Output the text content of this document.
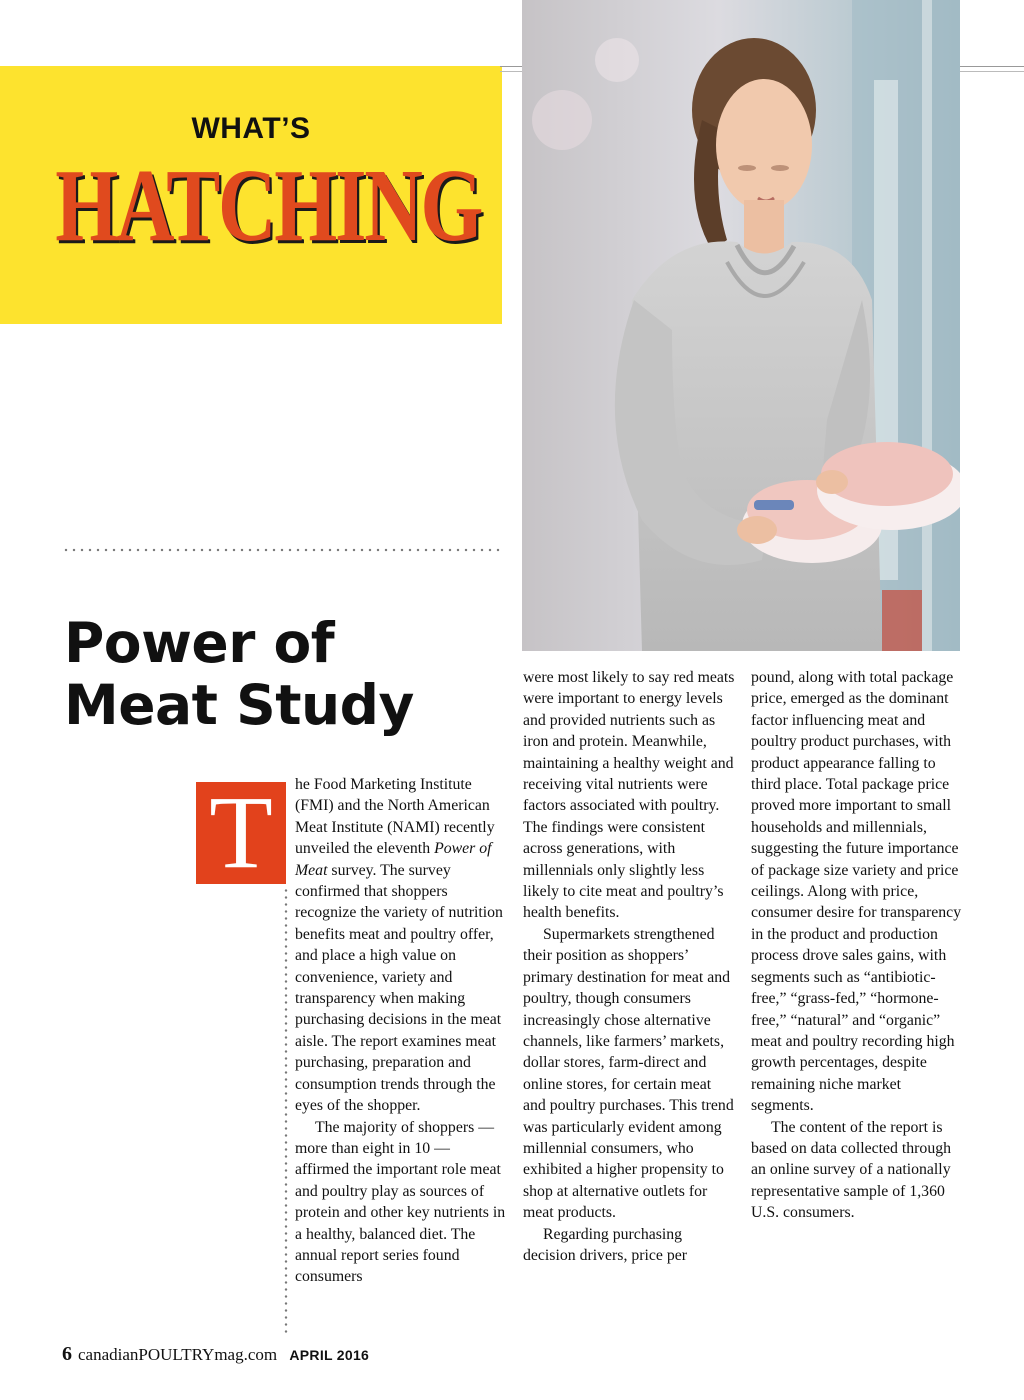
WHAT’S
HATCHING
Power of Meat Study
T	he Food Marketing Institute (FMI) and the North American Meat Institute (NAMI) recently unveiled the eleventh Power of Meat survey. The survey confirmed that shoppers recognize the variety of nutrition benefits meat and poultry offer, and place a high value on convenience, variety and transparency when making purchasing decisions in the meat aisle. The report examines meat purchasing, preparation and consumption trends through the eyes of the shopper.

The majority of shoppers — more than eight in 10 — affirmed the important role meat and poultry play as sources of protein and other key nutrients in a healthy, balanced diet. The annual report series found consumers

were most likely to say red meats were important to energy levels and provided nutrients such as iron and protein. Meanwhile, maintaining a healthy weight and receiving vital nutrients were factors associated with poultry. The findings were consistent across generations, with millennials only slightly less likely to cite meat and poultry’s health benefits.

Supermarkets strengthened their position as shoppers’ primary destination for meat and poultry, though consumers increasingly chose alternative channels, like farmers’ markets, dollar stores, farm-direct and online stores, for certain meat and poultry purchases. This trend was particularly evident among millennial consumers, who exhibited a higher propensity to shop at alternative outlets for meat products.

Regarding purchasing decision drivers, price per

pound, along with total package price, emerged as the dominant factor influencing meat and poultry product purchases, with product appearance falling to third place. Total package price proved more important to small households and millennials, suggesting the future importance of package size variety and price ceilings. Along with price, consumer desire for transparency in the product and production process drove sales gains, with segments such as “antibiotic-free,” “grass-fed,” “hormone-free,” “natural” and “organic” meat and poultry recording high growth percentages, despite remaining niche market segments.

The content of the report is based on data collected through an online survey of a nationally representative sample of 1,360 U.S. consumers.

6 canadianPOULTRYmag.com APRIL 2016
